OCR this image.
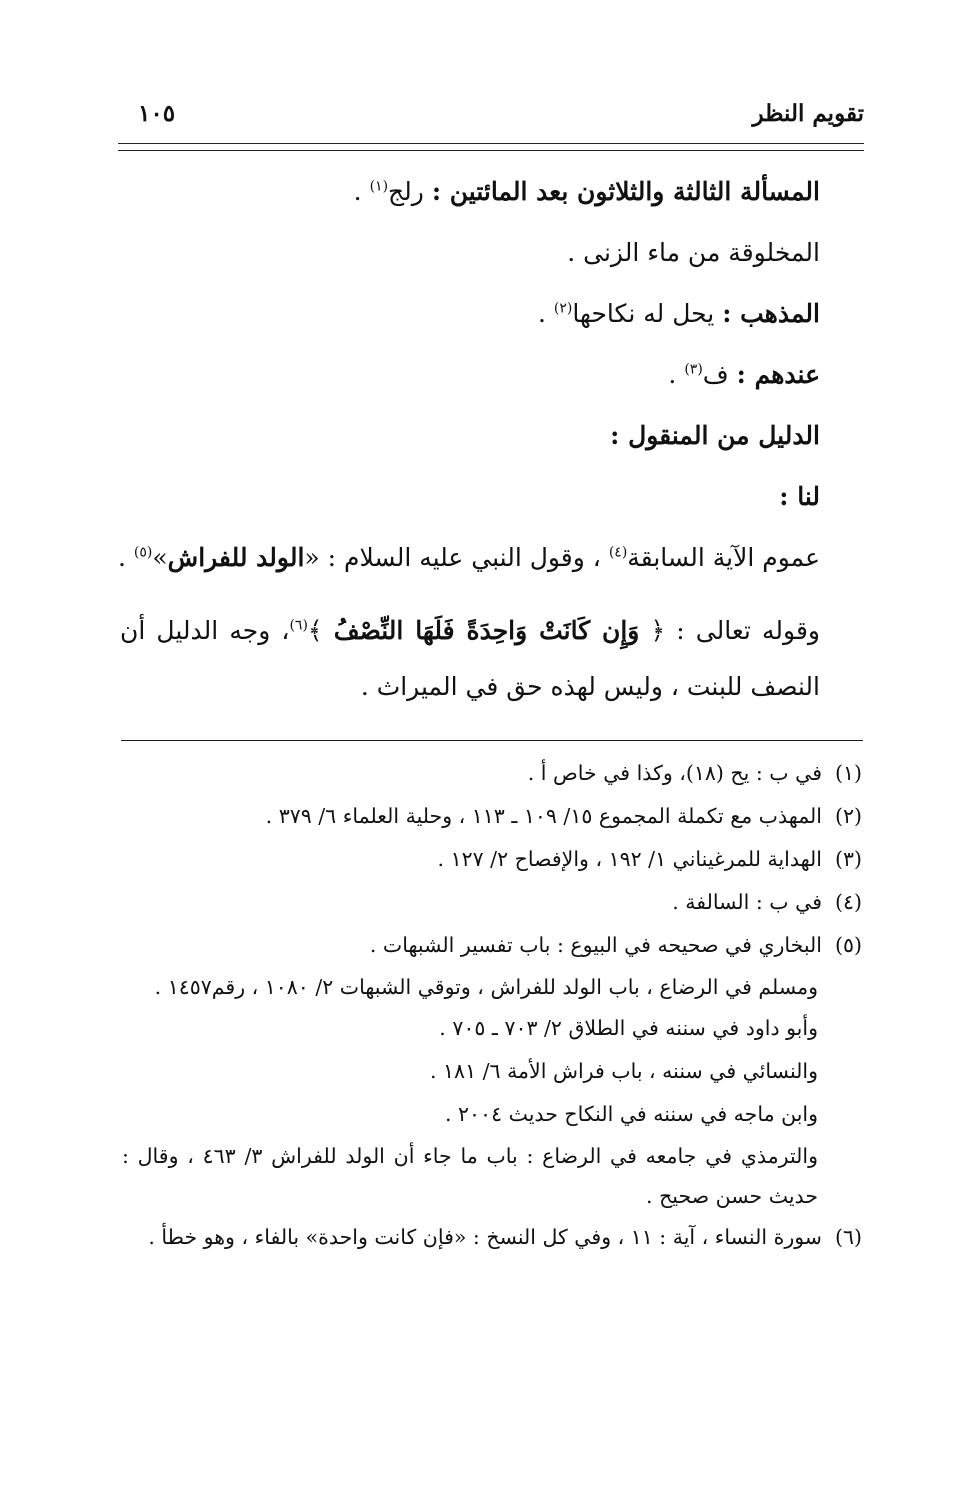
تقويم النظر
١٠٥
المسألة الثالثة والثلاثون بعد المائتين : رلج$^{(١)}$ .
المخلوقة من ماء الزنى .
المذهب : يحل له نكاحها$^{(٢)}$ .
عندهم : ف$^{(٣)}$ .
الدليل من المنقول :
لنا :
عموم الآية السابقة$^{(٤)}$ ، وقول النبي عليه السلام : «الولد للفراش»$^{(٥)}$ .
وقوله تعالى : ﴿ وَإِن كَانَتْ وَاحِدَةً فَلَهَا النِّصْفُ ﴾$^{(٦)}$، وجه الدليل أن النصف للبنت ، وليس لهذه حق في الميراث .
(١)في ب : يح (١٨)، وكذا في خاص أ .
(٢)المهذب مع تكملة المجموع ١٥/ ١٠٩ ـ ١١٣ ، وحلية العلماء ٦/ ٣٧٩ .
(٣)الهداية للمرغيناني ١/ ١٩٢ ، والإفصاح ٢/ ١٢٧ .
(٤)في ب : السالفة .
(٥)البخاري في صحيحه في البيوع : باب تفسير الشبهات .
ومسلم في الرضاع ، باب الولد للفراش ، وتوقي الشبهات ٢/ ١٠٨٠ ، رقم١٤٥٧ .
وأبو داود في سننه في الطلاق ٢/ ٧٠٣ ـ ٧٠٥ .
والنسائي في سننه ، باب فراش الأمة ٦/ ١٨١ .
وابن ماجه في سننه في النكاح حديث ٢٠٠٤ .
والترمذي في جامعه في الرضاع : باب ما جاء أن الولد للفراش ٣/ ٤٦٣ ، وقال : حديث حسن صحيح .
(٦)سورة النساء ، آية : ١١ ، وفي كل النسخ : «فإن كانت واحدة» بالفاء ، وهو خطأ .
